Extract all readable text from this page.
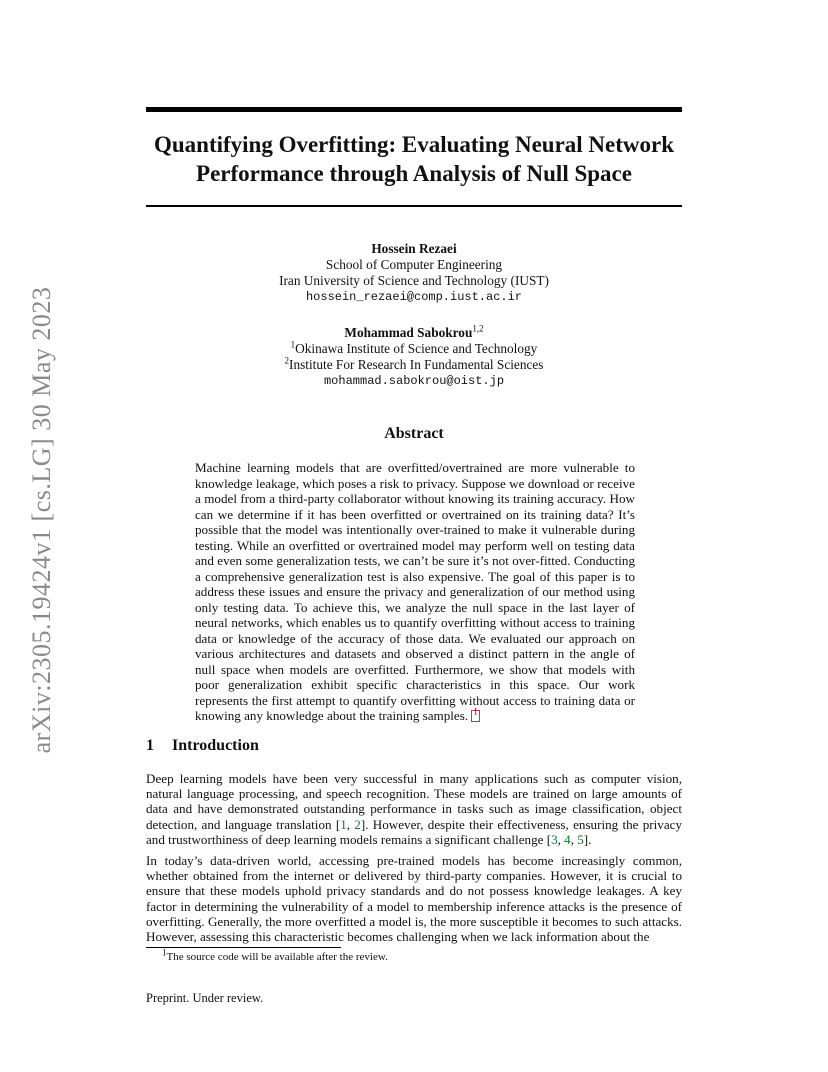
arXiv:2305.19424v1 [cs.LG] 30 May 2023
Quantifying Overfitting: Evaluating Neural Network
Performance through Analysis of Null Space
Hossein Rezaei
School of Computer Engineering
Iran University of Science and Technology (IUST)
hossein_rezaei@comp.iust.ac.ir
Mohammad Sabokrou$^{1,2}$
$^1$Okinawa Institute of Science and Technology
$^2$Institute For Research In Fundamental Sciences
mohammad.sabokrou@oist.jp
Abstract
Machine learning models that are overfitted/overtrained are more vulnerable to knowledge leakage, which poses a risk to privacy. Suppose we download or receive a model from a third-party collaborator without knowing its training accuracy. How can we determine if it has been overfitted or overtrained on its training data? It’s possible that the model was intentionally over-trained to make it vulnerable during testing. While an overfitted or overtrained model may perform well on testing data and even some generalization tests, we can’t be sure it’s not over-fitted. Conducting a comprehensive generalization test is also expensive. The goal of this paper is to address these issues and ensure the privacy and generalization of our method using only testing data. To achieve this, we analyze the null space in the last layer of neural networks, which enables us to quantify overfitting without access to training data or knowledge of the accuracy of those data. We evaluated our approach on various architectures and datasets and observed a distinct pattern in the angle of null space when models are overfitted. Furthermore, we show that models with poor generalization exhibit specific characteristics in this space. Our work represents the first attempt to quantify overfitting without access to training data or knowing any knowledge about the training samples. $^1$
1 Introduction
Deep learning models have been very successful in many applications such as computer vision, natural language processing, and speech recognition. These models are trained on large amounts of data and have demonstrated outstanding performance in tasks such as image classification, object detection, and language translation [1, 2]. However, despite their effectiveness, ensuring the privacy and trustworthiness of deep learning models remains a significant challenge [3, 4, 5].
In today’s data-driven world, accessing pre-trained models has become increasingly common, whether obtained from the internet or delivered by third-party companies. However, it is crucial to ensure that these models uphold privacy standards and do not possess knowledge leakages. A key factor in determining the vulnerability of a model to membership inference attacks is the presence of overfitting. Generally, the more overfitted a model is, the more susceptible it becomes to such attacks. However, assessing this characteristic becomes challenging when we lack information about the
$^1$The source code will be available after the review.
Preprint. Under review.
